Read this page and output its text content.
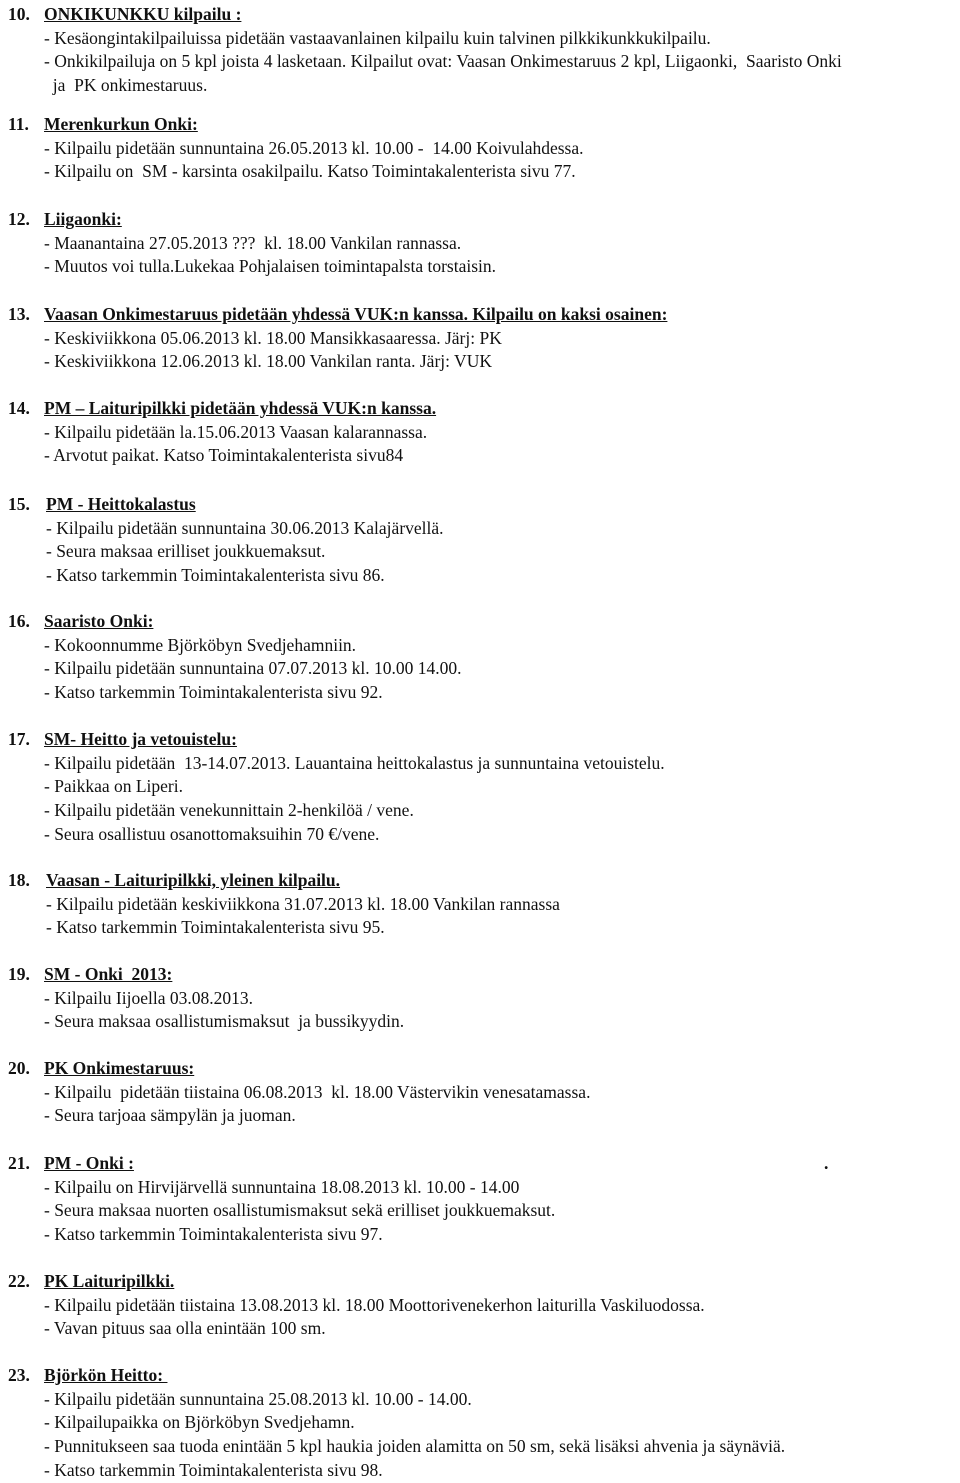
10. ONKIKUNKKU kilpailu :
- Kesäongintakilpailuissa pidetään vastaavanlainen kilpailu kuin talvinen pilkkikunkkukilpailu.
- Onkikilpailuja on 5 kpl joista 4 lasketaan. Kilpailut ovat: Vaasan Onkimestaruus 2 kpl, Liigaonki,  Saaristo Onki
ja  PK onkimestaruus.
11. Merenkurkun Onki:
- Kilpailu pidetään sunnuntaina 26.05.2013 kl. 10.00 -  14.00 Koivulahdessa.
- Kilpailu on  SM - karsinta osakilpailu. Katso Toimintakalenterista sivu 77.
12. Liigaonki:
- Maanantaina 27.05.2013 ???  kl. 18.00 Vankilan rannassa.
- Muutos voi tulla.Lukekaa Pohjalaisen toimintapalsta torstaisin.
13. Vaasan Onkimestaruus pidetään yhdessä VUK:n kanssa. Kilpailu on kaksi osainen:
- Keskiviikkona 05.06.2013 kl. 18.00 Mansikkasaaressa. Järj: PK
- Keskiviikkona 12.06.2013 kl. 18.00 Vankilan ranta. Järj: VUK
14. PM – Laituripilkki pidetään yhdessä VUK:n kanssa.
- Kilpailu pidetään la.15.06.2013 Vaasan kalarannassa.
- Arvotut paikat. Katso Toimintakalenterista sivu84
15. PM - Heittokalastus
- Kilpailu pidetään sunnuntaina 30.06.2013 Kalajärvellä.
- Seura maksaa erilliset joukkuemaksut.
- Katso tarkemmin Toimintakalenterista sivu 86.
16. Saaristo Onki:
- Kokoonnumme Björköbyn Svedjehamniin.
- Kilpailu pidetään sunnuntaina 07.07.2013 kl. 10.00 14.00.
- Katso tarkemmin Toimintakalenterista sivu 92.
17. SM- Heitto ja vetouistelu:
- Kilpailu pidetään  13-14.07.2013. Lauantaina heittokalastus ja sunnuntaina vetouistelu.
- Paikkaa on Liperi.
- Kilpailu pidetään venekunnittain 2-henkilöä / vene.
- Seura osallistuu osanottomaksuihin 70 €/vene.
18. Vaasan - Laituripilkki, yleinen kilpailu.
- Kilpailu pidetään keskiviikkona 31.07.2013 kl. 18.00 Vankilan rannassa
- Katso tarkemmin Toimintakalenterista sivu 95.
19. SM - Onki  2013:
- Kilpailu Iijoella 03.08.2013.
- Seura maksaa osallistumismaksut  ja bussikyydin.
20. PK Onkimestaruus:
- Kilpailu  pidetään tiistaina 06.08.2013  kl. 18.00 Västervikin venesatamassa.
- Seura tarjoaa sämpylän ja juoman.
21. PM - Onki :	.
- Kilpailu on Hirvijärvellä sunnuntaina 18.08.2013 kl. 10.00 - 14.00
- Seura maksaa nuorten osallistumismaksut sekä erilliset joukkuemaksut.
- Katso tarkemmin Toimintakalenterista sivu 97.
22. PK Laituripilkki.
- Kilpailu pidetään tiistaina 13.08.2013 kl. 18.00 Moottorivenekerhon laiturilla Vaskiluodossa.
- Vavan pituus saa olla enintään 100 sm.
23. Björkön Heitto:
- Kilpailu pidetään sunnuntaina 25.08.2013 kl. 10.00 - 14.00.
- Kilpailupaikka on Björköbyn Svedjehamn.
- Punnitukseen saa tuoda enintään 5 kpl haukia joiden alamitta on 50 sm, sekä lisäksi ahvenia ja säynäviä.
- Katso tarkemmin Toimintakalenterista sivu 98.
